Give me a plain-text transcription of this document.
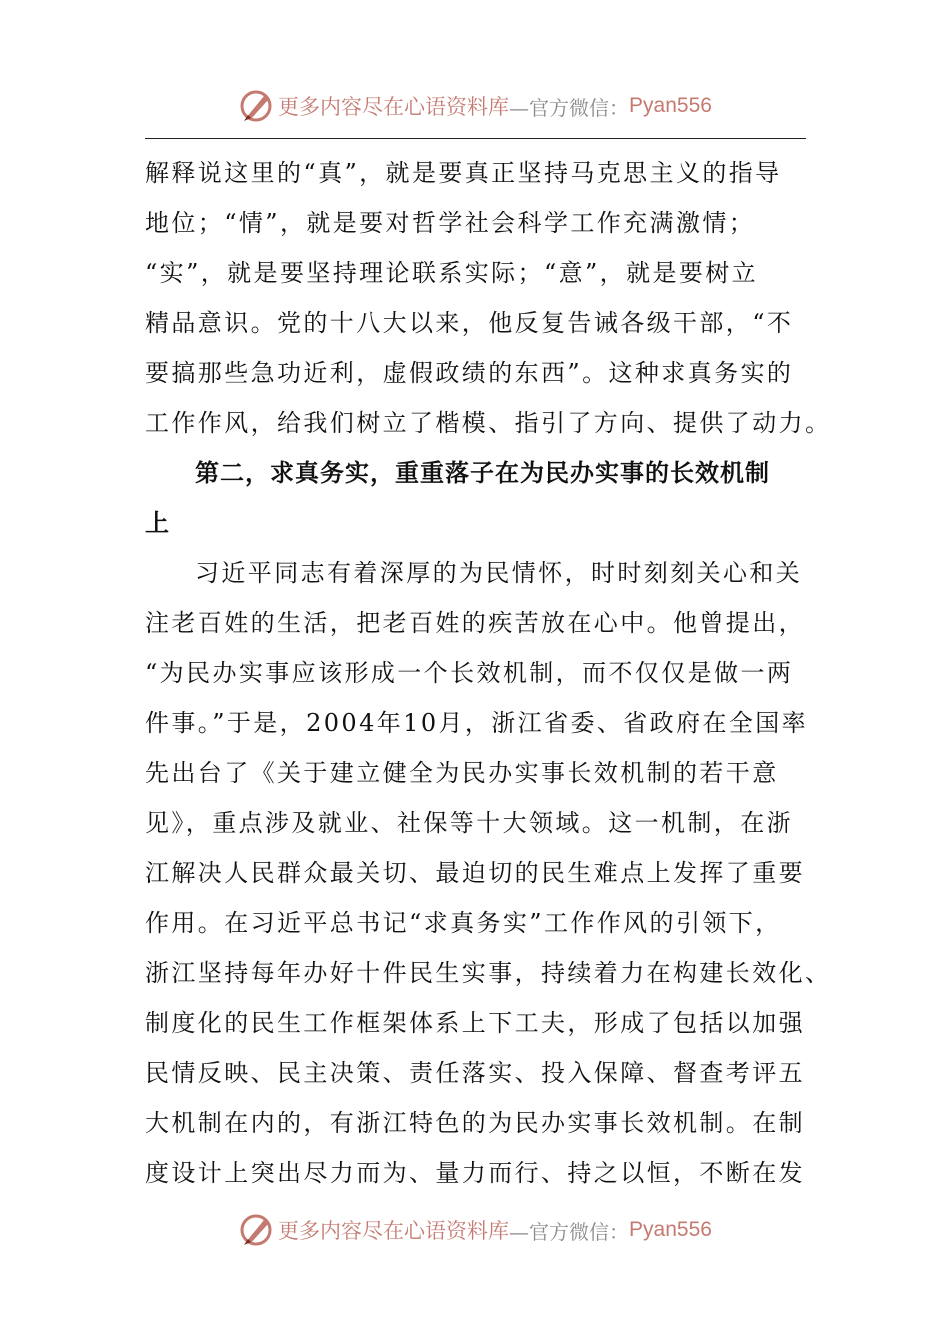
更多内容尽在心语资料库 —官方微信： Pyan556
解释说这里的“真”，就是要真正坚持马克思主义的指导
地位；“情”，就是要对哲学社会科学工作充满激情；
“实”，就是要坚持理论联系实际；“意”，就是要树立
精品意识。党的十八大以来，他反复告诫各级干部，“不
要搞那些急功近利，虚假政绩的东西”。这种求真务实的
工作作风，给我们树立了楷模、指引了方向、提供了动力。
第二，求真务实，重重落子在为民办实事的长效机制
上
习近平同志有着深厚的为民情怀，时时刻刻关心和关
注老百姓的生活，把老百姓的疾苦放在心中。他曾提出，
“为民办实事应该形成一个长效机制，而不仅仅是做一两
件事。”于是，2004年10月，浙江省委、省政府在全国率
先出台了《关于建立健全为民办实事长效机制的若干意
见》，重点涉及就业、社保等十大领域。这一机制，在浙
江解决人民群众最关切、最迫切的民生难点上发挥了重要
作用。在习近平总书记“求真务实”工作作风的引领下，
浙江坚持每年办好十件民生实事，持续着力在构建长效化、
制度化的民生工作框架体系上下工夫，形成了包括以加强
民情反映、民主决策、责任落实、投入保障、督查考评五
大机制在内的，有浙江特色的为民办实事长效机制。在制
度设计上突出尽力而为、量力而行、持之以恒，不断在发
更多内容尽在心语资料库 —官方微信： Pyan556
